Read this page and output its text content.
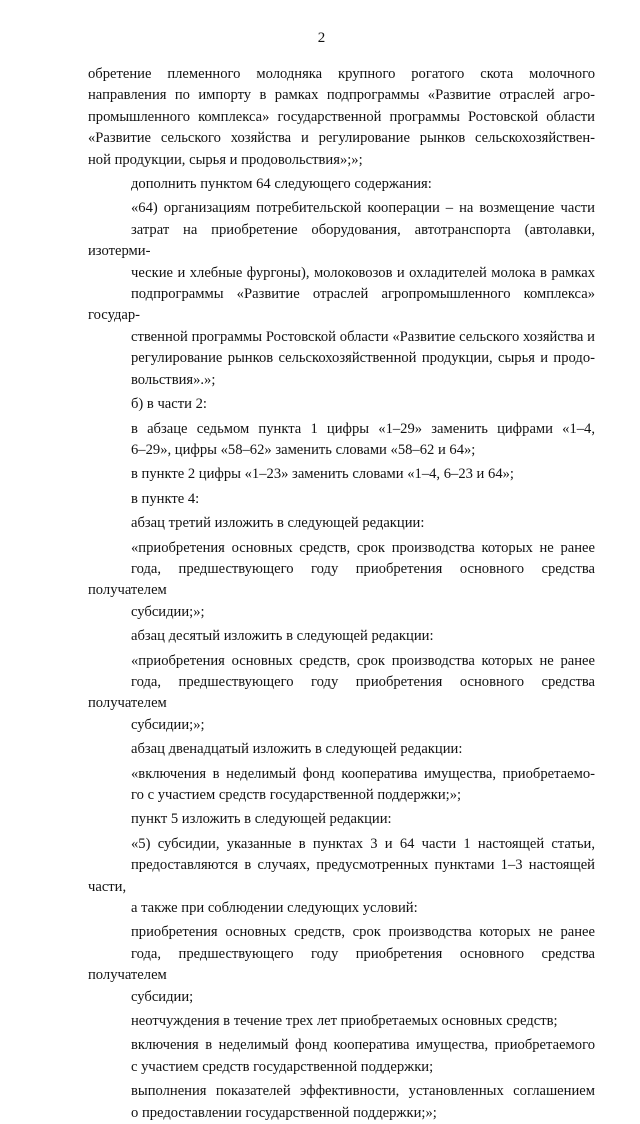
2

обретение племенного молодняка крупного рогатого скота молочного
направления по импорту в рамках подпрограммы «Развитие отраслей агро-
промышленного комплекса» государственной программы Ростовской области
«Развитие сельского хозяйства и регулирование рынков сельскохозяйствен-
ной продукции, сырья и продовольствия»;»;

дополнить пунктом 64 следующего содержания:

«64) организациям потребительской кооперации – на возмещение части
затрат на приобретение оборудования, автотранспорта (автолавки, изотерми-
ческие и хлебные фургоны), молоковозов и охладителей молока в рамках
подпрограммы «Развитие отраслей агропромышленного комплекса» государ-
ственной программы Ростовской области «Развитие сельского хозяйства и
регулирование рынков сельскохозяйственной продукции, сырья и продо-
вольствия».»;

б) в части 2:

в абзаце седьмом пункта 1 цифры «1–29» заменить цифрами «1–4,
6–29», цифры «58–62» заменить словами «58–62 и 64»;

в пункте 2 цифры «1–23» заменить словами «1–4, 6–23 и 64»;

в пункте 4:

абзац третий изложить в следующей редакции:

«приобретения основных средств, срок производства которых не ранее
года, предшествующего году приобретения основного средства получателем
субсидии;»;

абзац десятый изложить в следующей редакции:

«приобретения основных средств, срок производства которых не ранее
года, предшествующего году приобретения основного средства получателем
субсидии;»;

абзац двенадцатый изложить в следующей редакции:

«включения в неделимый фонд кооператива имущества, приобретаемо-
го с участием средств государственной поддержки;»;

пункт 5 изложить в следующей редакции:

«5) субсидии, указанные в пунктах 3 и 64 части 1 настоящей статьи,
предоставляются в случаях, предусмотренных пунктами 1–3 настоящей части,
а также при соблюдении следующих условий:

приобретения основных средств, срок производства которых не ранее
года, предшествующего году приобретения основного средства получателем
субсидии;

неотчуждения в течение трех лет приобретаемых основных средств;

включения в неделимый фонд кооператива имущества, приобретаемого
с участием средств государственной поддержки;

выполнения показателей эффективности, установленных соглашением
о предоставлении государственной поддержки;»;
